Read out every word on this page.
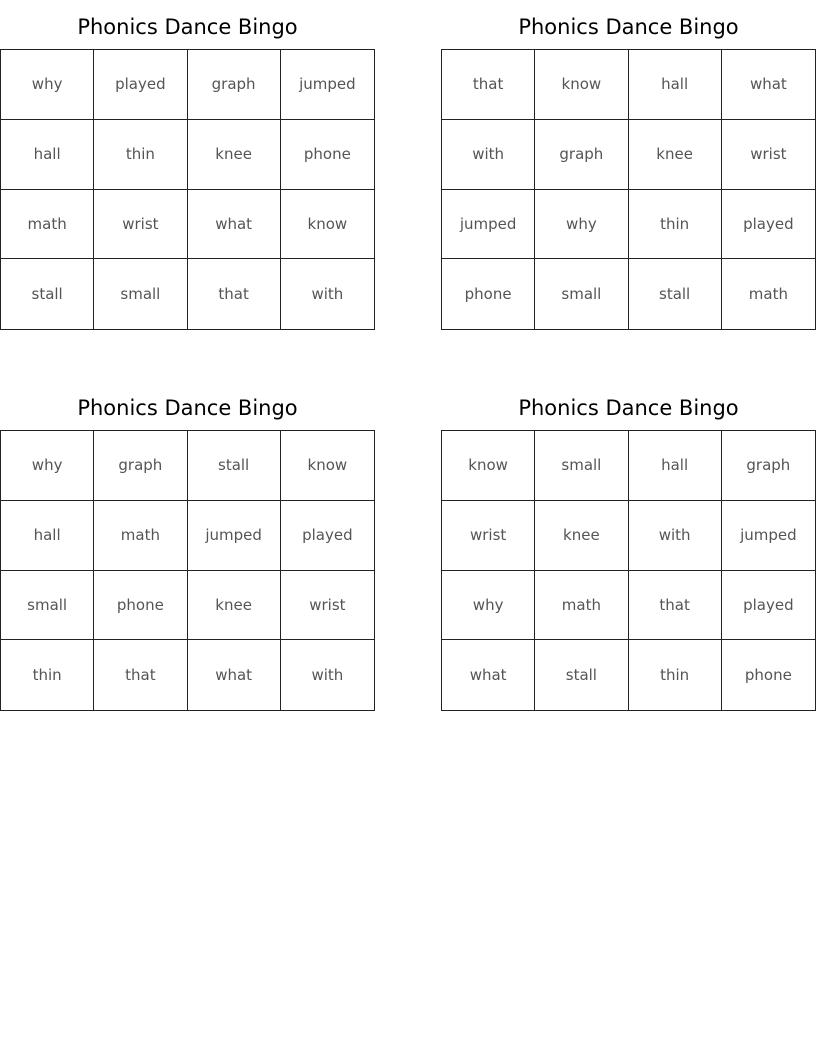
Phonics Dance Bingo
why	played	graph	jumped
hall	thin	knee	phone
math	wrist	what	know
stall	small	that	with
Phonics Dance Bingo
that	know	hall	what
with	graph	knee	wrist
jumped	why	thin	played
phone	small	stall	math
Phonics Dance Bingo
why	graph	stall	know
hall	math	jumped	played
small	phone	knee	wrist
thin	that	what	with
Phonics Dance Bingo
know	small	hall	graph
wrist	knee	with	jumped
why	math	that	played
what	stall	thin	phone
